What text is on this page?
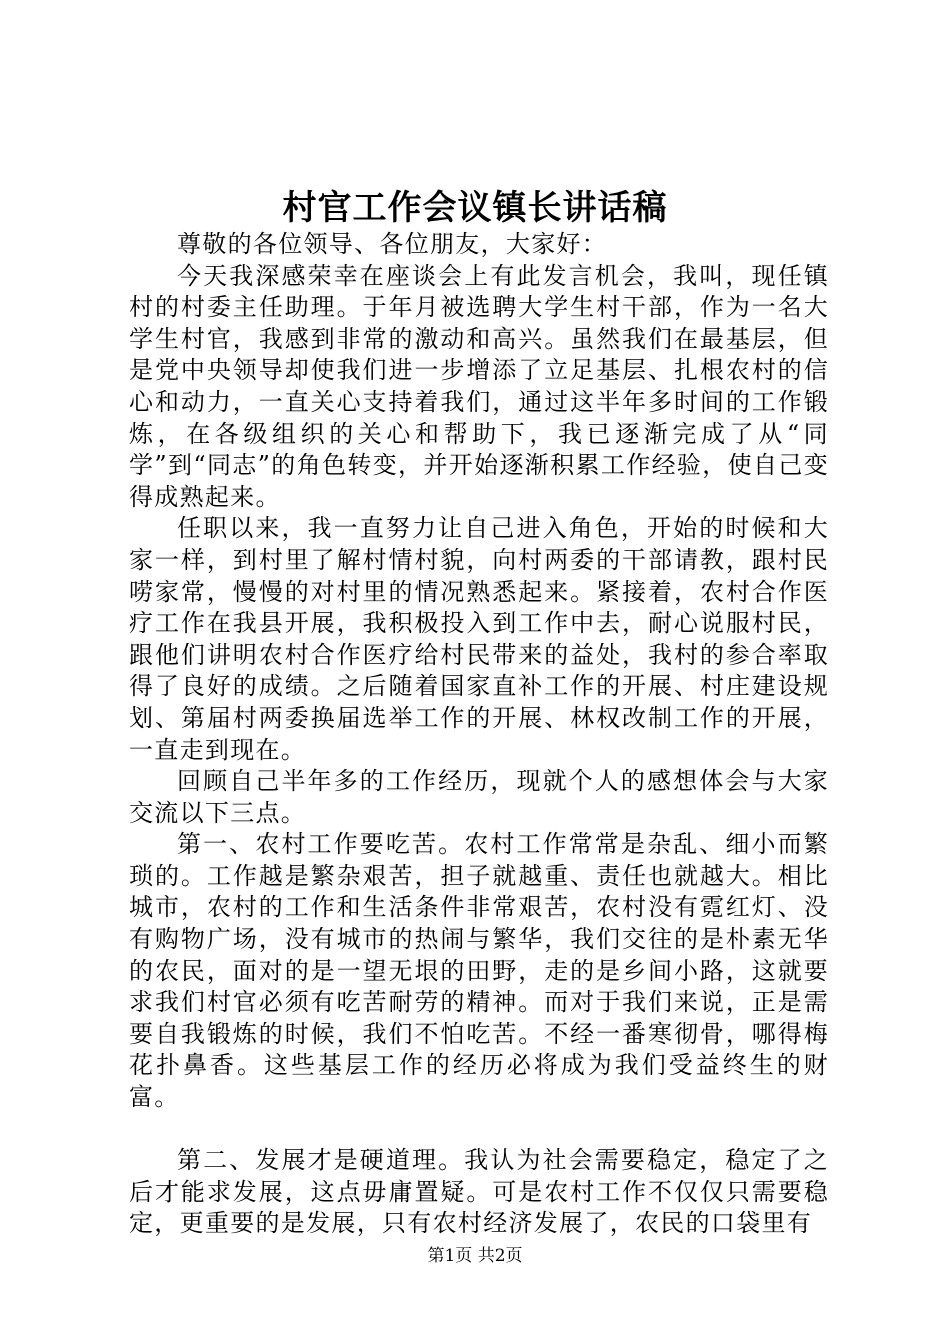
村官工作会议镇长讲话稿

尊敬的各位领导、各位朋友，大家好：

今天我深感荣幸在座谈会上有此发言机会，我叫，现任镇村的村委主任助理。于年月被选聘大学生村干部，作为一名大学生村官，我感到非常的激动和高兴。虽然我们在最基层，但是党中央领导却使我们进一步增添了立足基层、扎根农村的信心和动力，一直关心支持着我们，通过这半年多时间的工作锻炼，在各级组织的关心和帮助下，我已逐渐完成了从“同学”到“同志”的角色转变，并开始逐渐积累工作经验，使自己变得成熟起来。

任职以来，我一直努力让自己进入角色，开始的时候和大家一样，到村里了解村情村貌，向村两委的干部请教，跟村民唠家常，慢慢的对村里的情况熟悉起来。紧接着，农村合作医疗工作在我县开展，我积极投入到工作中去，耐心说服村民，跟他们讲明农村合作医疗给村民带来的益处，我村的参合率取得了良好的成绩。之后随着国家直补工作的开展、村庄建设规划、第届村两委换届选举工作的开展、林权改制工作的开展，一直走到现在。

回顾自己半年多的工作经历，现就个人的感想体会与大家交流以下三点。

第一、农村工作要吃苦。农村工作常常是杂乱、细小而繁琐的。工作越是繁杂艰苦，担子就越重、责任也就越大。相比城市，农村的工作和生活条件非常艰苦，农村没有霓红灯、没有购物广场，没有城市的热闹与繁华，我们交往的是朴素无华的农民，面对的是一望无垠的田野，走的是乡间小路，这就要求我们村官必须有吃苦耐劳的精神。而对于我们来说，正是需要自我锻炼的时候，我们不怕吃苦。不经一番寒彻骨，哪得梅花扑鼻香。这些基层工作的经历必将成为我们受益终生的财富。

第二、发展才是硬道理。我认为社会需要稳定，稳定了之后才能求发展，这点毋庸置疑。可是农村工作不仅仅只需要稳定，更重要的是发展，只有农村经济发展了，农民的口袋里有

第1页 共2页
